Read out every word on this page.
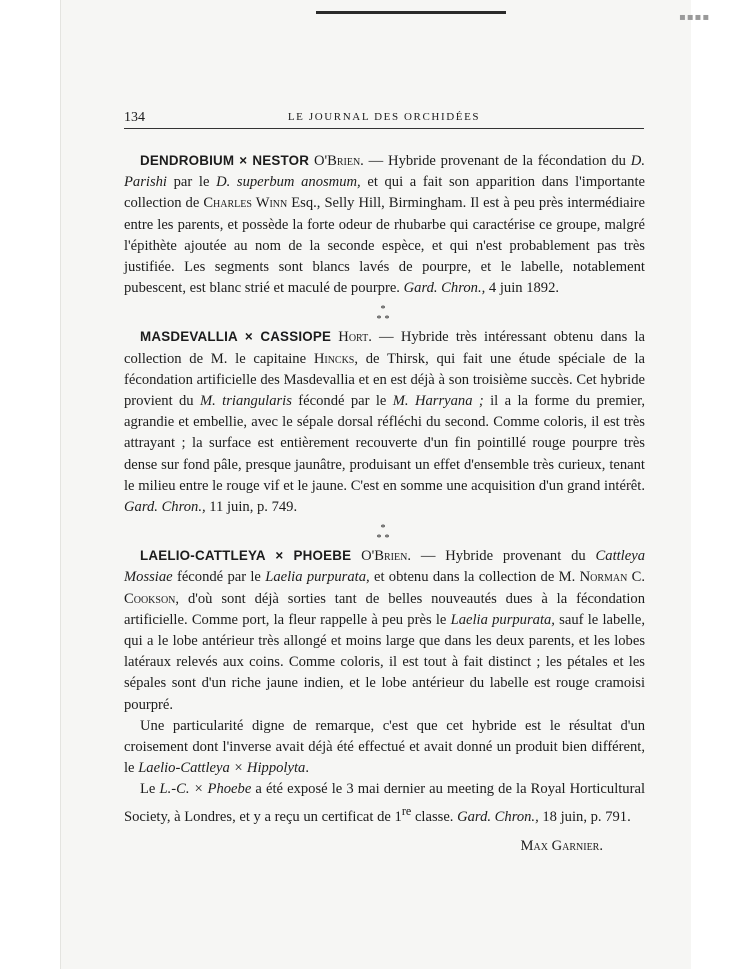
▪▪▪▪
134	LE JOURNAL DES ORCHIDÉES

DENDROBIUM × NESTOR O'Brien. — Hybride provenant de la fécondation du D. Parishi par le D. superbum anosmum, et qui a fait son apparition dans l'importante collection de Charles Winn Esq., Selly Hill, Birmingham. Il est à peu près intermédiaire entre les parents, et possède la forte odeur de rhubarbe qui caractérise ce groupe, malgré l'épithète ajoutée au nom de la seconde espèce, et qui n'est probablement pas très justifiée. Les segments sont blancs lavés de pourpre, et le labelle, notablement pubescent, est blanc strié et maculé de pourpre. Gard. Chron., 4 juin 1892.

*
**

MASDEVALLIA × CASSIOPE Hort. — Hybride très intéressant obtenu dans la collection de M. le capitaine Hincks, de Thirsk, qui fait une étude spéciale de la fécondation artificielle des Masdevallia et en est déjà à son troisième succès. Cet hybride provient du M. triangularis fécondé par le M. Harryana ; il a la forme du premier, agrandie et embellie, avec le sépale dorsal réfléchi du second. Comme coloris, il est très attrayant ; la surface est entièrement recouverte d'un fin pointillé rouge pourpre très dense sur fond pâle, presque jaunâtre, produisant un effet d'ensemble très curieux, tenant le milieu entre le rouge vif et le jaune. C'est en somme une acquisition d'un grand intérêt. Gard. Chron., 11 juin, p. 749.

*
**

LAELIO-CATTLEYA × PHOEBE O'Brien. — Hybride provenant du Cattleya Mossiae fécondé par le Laelia purpurata, et obtenu dans la collection de M. Norman C. Cookson, d'où sont déjà sorties tant de belles nouveautés dues à la fécondation artificielle. Comme port, la fleur rappelle à peu près le Laelia purpurata, sauf le labelle, qui a le lobe antérieur très allongé et moins large que dans les deux parents, et les lobes latéraux relevés aux coins. Comme coloris, il est tout à fait distinct ; les pétales et les sépales sont d'un riche jaune indien, et le lobe antérieur du labelle est rouge cramoisi pourpré.

Une particularité digne de remarque, c'est que cet hybride est le résultat d'un croisement dont l'inverse avait déjà été effectué et avait donné un produit bien différent, le Laelio-Cattleya × Hippolyta.

Le L.-C. × Phoebe a été exposé le 3 mai dernier au meeting de la Royal Horticultural Society, à Londres, et y a reçu un certificat de 1re classe. Gard. Chron., 18 juin, p. 791.

Max Garnier.
